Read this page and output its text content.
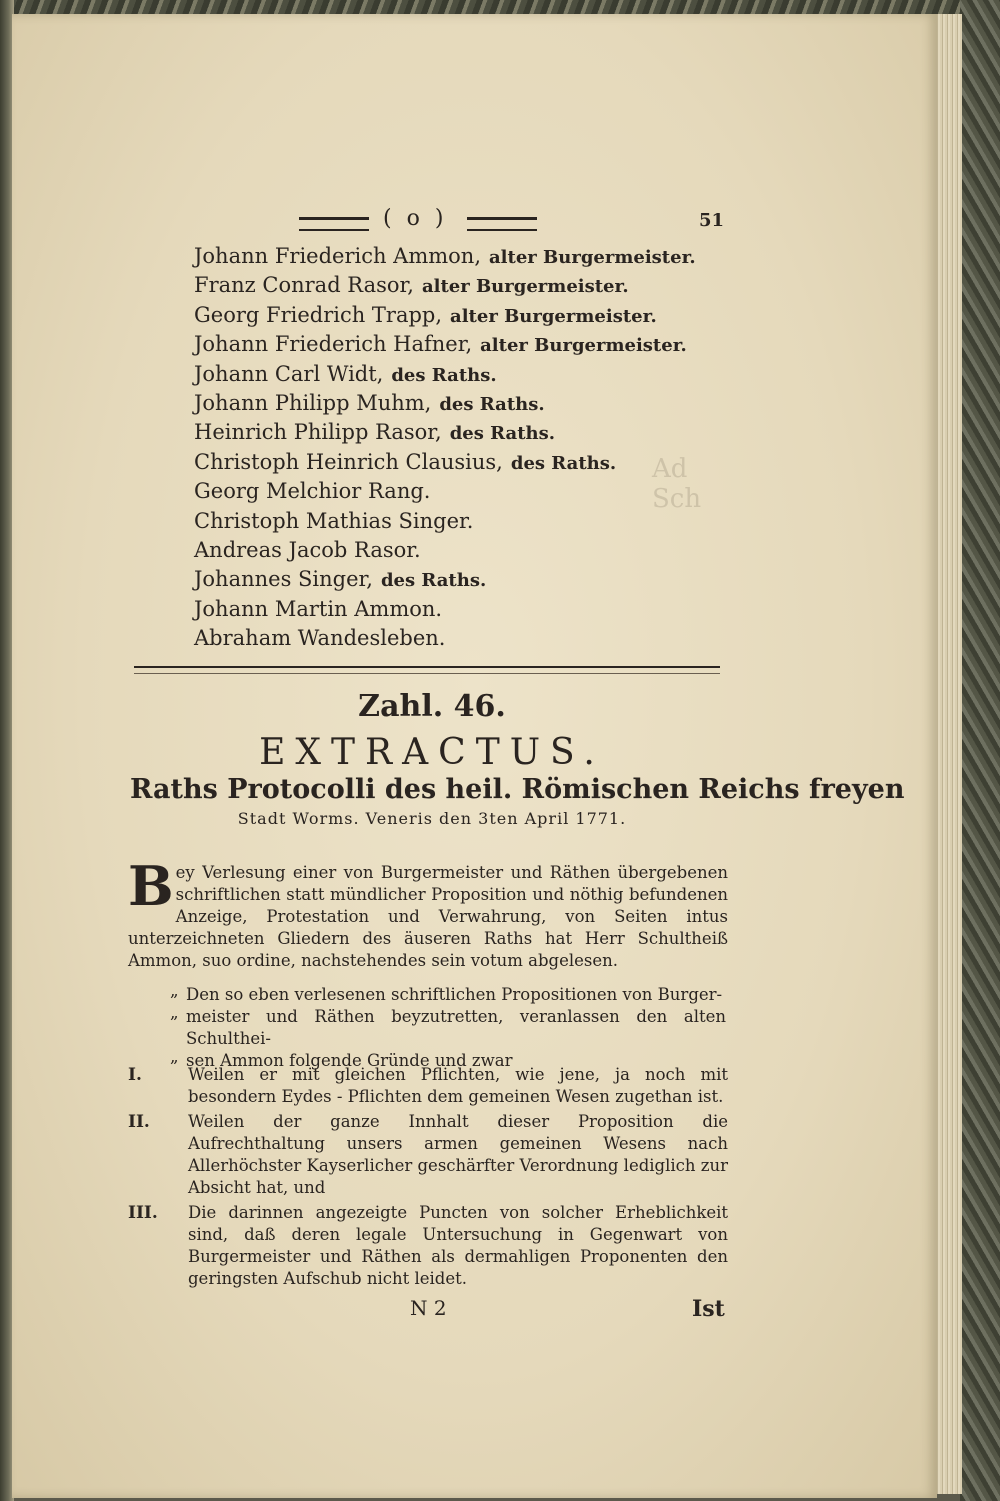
Ad
Sch
( o )	51
Johann Friederich Ammon, alter Burgermeister.
Franz Conrad Rasor, alter Burgermeister.
Georg Friedrich Trapp, alter Burgermeister.
Johann Friederich Hafner, alter Burgermeister.
Johann Carl Widt, des Raths.
Johann Philipp Muhm, des Raths.
Heinrich Philipp Rasor, des Raths.
Christoph Heinrich Clausius, des Raths.
Georg Melchior Rang.
Christoph Mathias Singer.
Andreas Jacob Rasor.
Johannes Singer, des Raths.
Johann Martin Ammon.
Abraham Wandesleben.
Zahl. 46.
EXTRACTUS.
Raths Protocolli des heil. Römischen Reichs freyen
Stadt Worms. Veneris den 3ten April 1771.
B ey Verlesung einer von Burgermeister und Räthen übergebenen schriftlichen statt mündlicher Proposition und nöthig befundenen Anzeige, Protestation und Verwahrung, von Seiten intus unterzeichneten Gliedern des äuseren Raths hat Herr Schultheiß Ammon, suo ordine, nachstehendes sein votum abgelesen.
„ Den so eben verlesenen schriftlichen Propositionen von Burger-
„ meister und Räthen beyzutretten, veranlassen den alten Schulthei-
„ sen Ammon folgende Gründe und zwar
I.	Weilen er mit gleichen Pflichten, wie jene, ja noch mit besondern Eydes - Pflichten dem gemeinen Wesen zugethan ist.
II. Weilen der ganze Innhalt dieser Proposition die Aufrechthaltung unsers armen gemeinen Wesens nach Allerhöchster Kayserlicher geschärfter Verordnung lediglich zur Absicht hat, und
III. Die darinnen angezeigte Puncten von solcher Erheblichkeit sind, daß deren legale Untersuchung in Gegenwart von Burgermeister und Räthen als dermahligen Proponenten den geringsten Aufschub nicht leidet.
N 2	Ist
